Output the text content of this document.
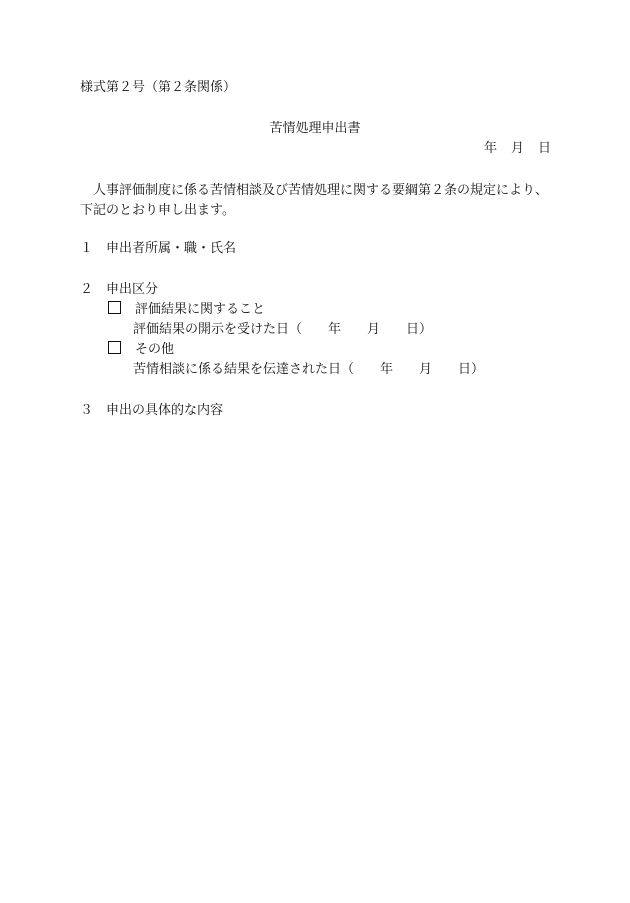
様式第２号（第２条関係）
苦情処理申出書
年 月 日
人事評価制度に係る苦情相談及び苦情処理に関する要綱第２条の規定により、
下記のとおり申し出ます。
１ 申出者所属・職・氏名
２ 申出区分
評価結果に関すること
評価結果の開示を受けた日（ 年 月 日）
その他
苦情相談に係る結果を伝達された日（ 年 月 日）
３ 申出の具体的な内容
